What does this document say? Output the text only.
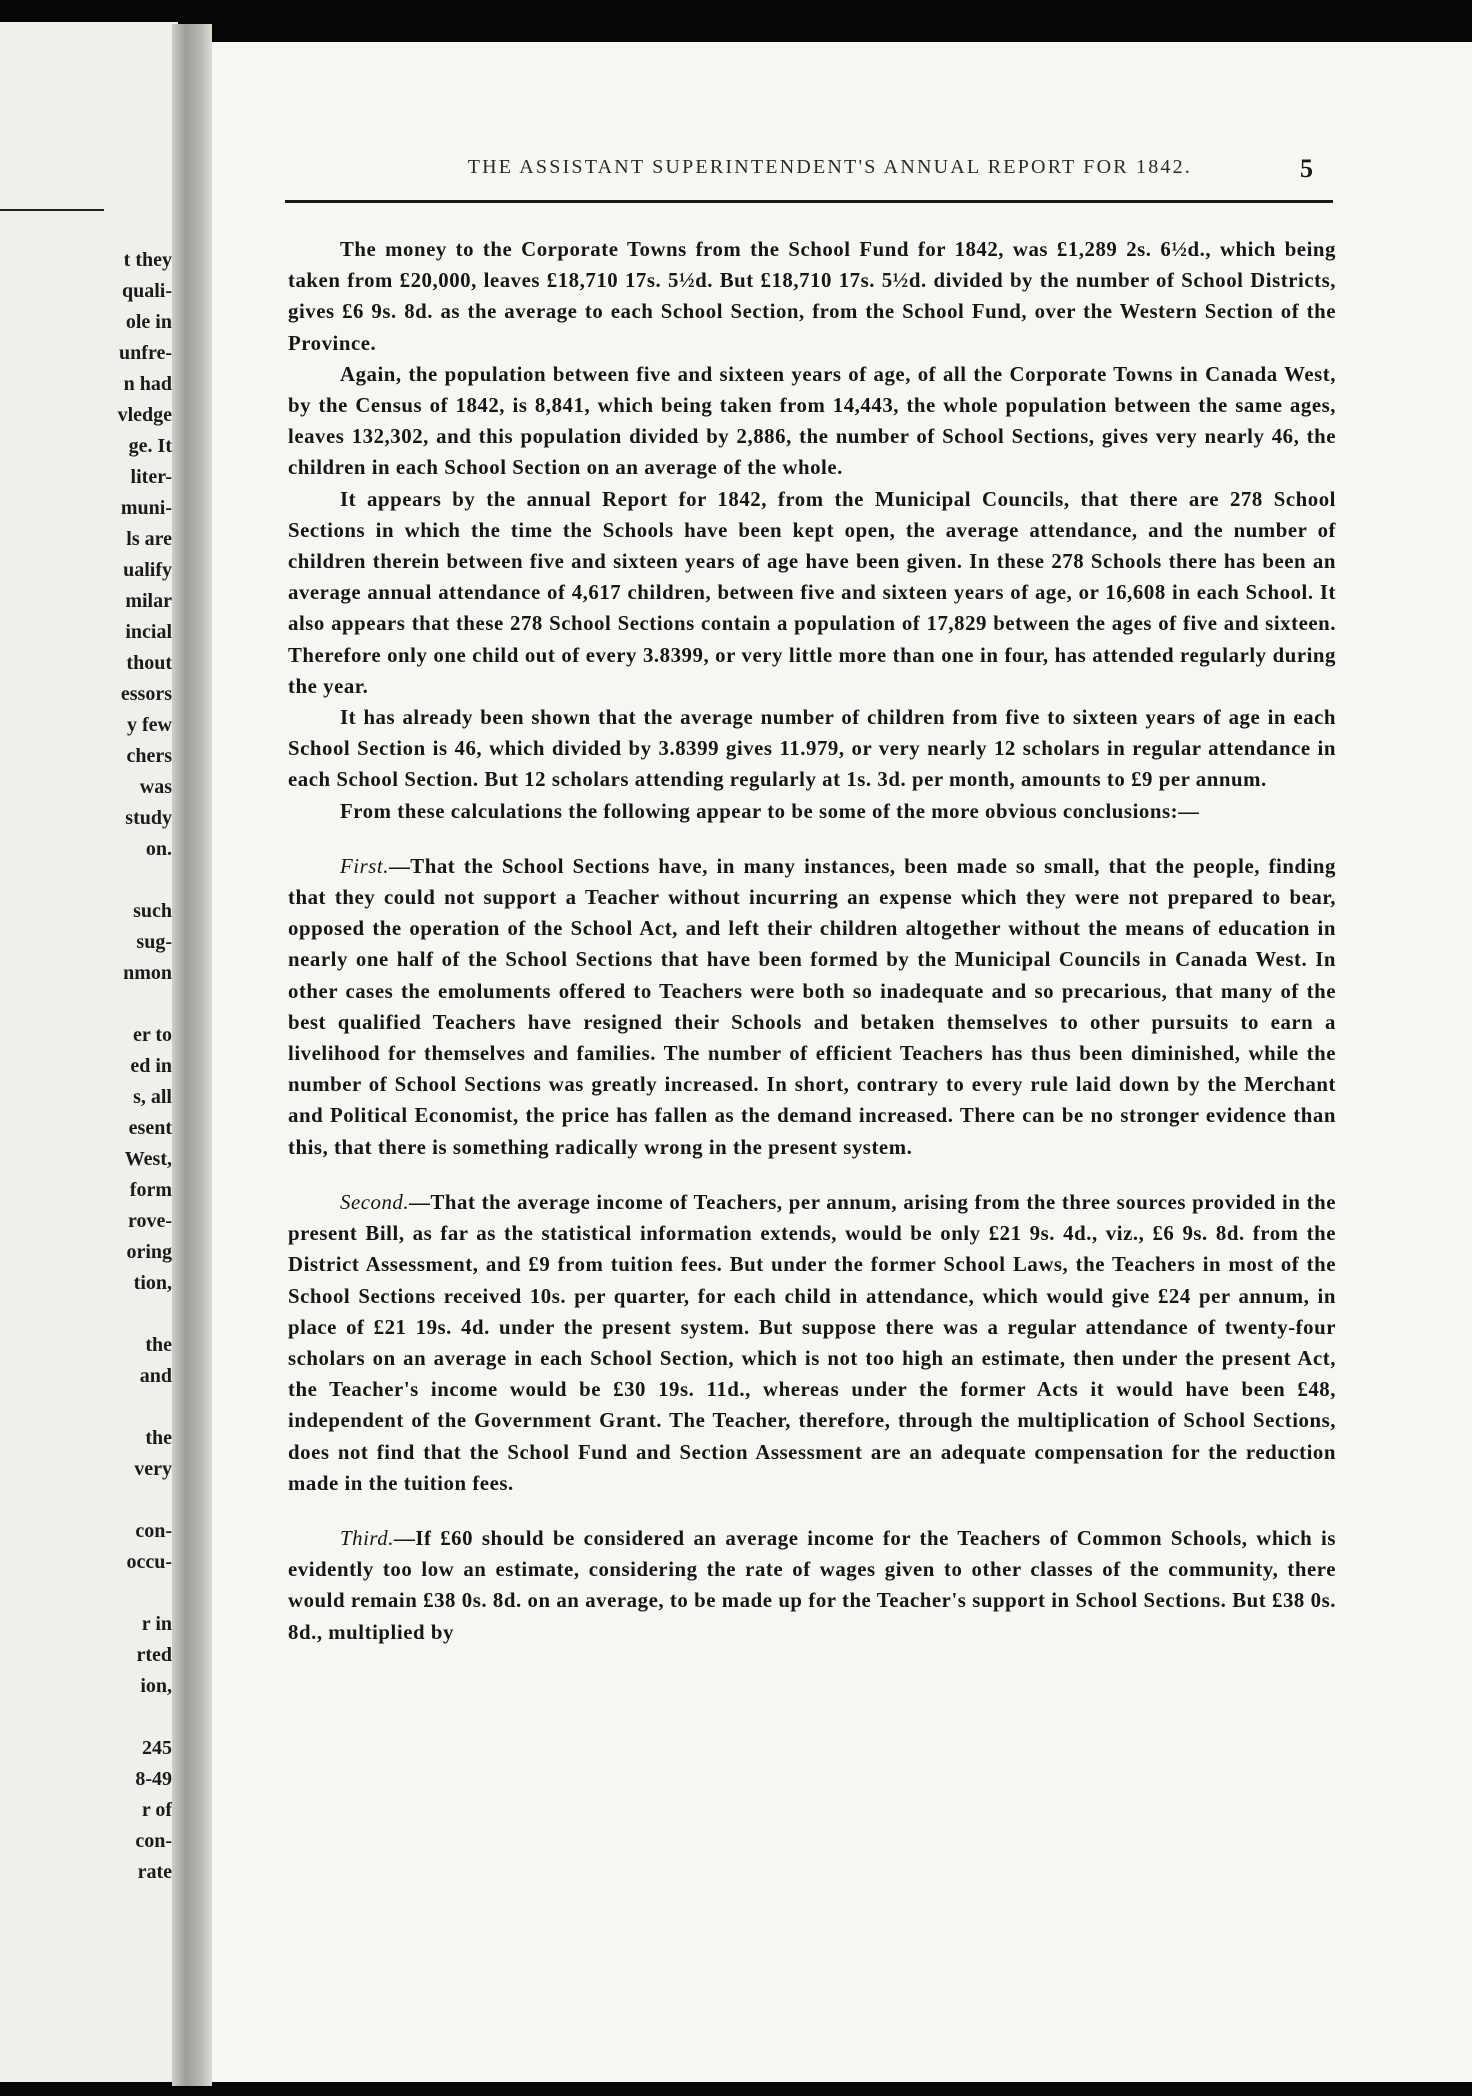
t they
quali-
ole in
unfre-
n had
vledge
ge. It
liter-
muni-
ls are
ualify
milar
incial
thout
essors
y few
chers
was
study
on.
such
sug-
nmon
er to
ed in
s, all
esent
West,
form
rove-
oring
tion,
the
and
the
very
con-
occu-
r in
rted
ion,
245
8-49
r of
con-
rate
THE ASSISTANT SUPERINTENDENT'S ANNUAL REPORT FOR 1842.	5

The money to the Corporate Towns from the School Fund for 1842, was £1,289 2s. 6½d., which being taken from £20,000, leaves £18,710 17s. 5½d. But £18,710 17s. 5½d. divided by the number of School Districts, gives £6 9s. 8d. as the average to each School Section, from the School Fund, over the Western Section of the Province.

Again, the population between five and sixteen years of age, of all the Corporate Towns in Canada West, by the Census of 1842, is 8,841, which being taken from 14,443, the whole population between the same ages, leaves 132,302, and this population divided by 2,886, the number of School Sections, gives very nearly 46, the children in each School Section on an average of the whole.

It appears by the annual Report for 1842, from the Municipal Councils, that there are 278 School Sections in which the time the Schools have been kept open, the average attendance, and the number of children therein between five and sixteen years of age have been given. In these 278 Schools there has been an average annual attendance of 4,617 children, between five and sixteen years of age, or 16,608 in each School. It also appears that these 278 School Sections contain a population of 17,829 between the ages of five and sixteen. Therefore only one child out of every 3.8399, or very little more than one in four, has attended regularly during the year.

It has already been shown that the average number of children from five to sixteen years of age in each School Section is 46, which divided by 3.8399 gives 11.979, or very nearly 12 scholars in regular attendance in each School Section. But 12 scholars attending regularly at 1s. 3d. per month, amounts to £9 per annum.

From these calculations the following appear to be some of the more obvious conclusions:—

First.—That the School Sections have, in many instances, been made so small, that the people, finding that they could not support a Teacher without incurring an expense which they were not prepared to bear, opposed the operation of the School Act, and left their children altogether without the means of education in nearly one half of the School Sections that have been formed by the Municipal Councils in Canada West. In other cases the emoluments offered to Teachers were both so inadequate and so precarious, that many of the best qualified Teachers have resigned their Schools and betaken themselves to other pursuits to earn a livelihood for themselves and families. The number of efficient Teachers has thus been diminished, while the number of School Sections was greatly increased. In short, contrary to every rule laid down by the Merchant and Political Economist, the price has fallen as the demand increased. There can be no stronger evidence than this, that there is something radically wrong in the present system.

Second.—That the average income of Teachers, per annum, arising from the three sources provided in the present Bill, as far as the statistical information extends, would be only £21 9s. 4d., viz., £6 9s. 8d. from the District Assessment, and £9 from tuition fees. But under the former School Laws, the Teachers in most of the School Sections received 10s. per quarter, for each child in attendance, which would give £24 per annum, in place of £21 19s. 4d. under the present system. But suppose there was a regular attendance of twenty-four scholars on an average in each School Section, which is not too high an estimate, then under the present Act, the Teacher's income would be £30 19s. 11d., whereas under the former Acts it would have been £48, independent of the Government Grant. The Teacher, therefore, through the multiplication of School Sections, does not find that the School Fund and Section Assessment are an adequate compensation for the reduction made in the tuition fees.

Third.—If £60 should be considered an average income for the Teachers of Common Schools, which is evidently too low an estimate, considering the rate of wages given to other classes of the community, there would remain £38 0s. 8d. on an average, to be made up for the Teacher's support in School Sections. But £38 0s. 8d., multiplied by
